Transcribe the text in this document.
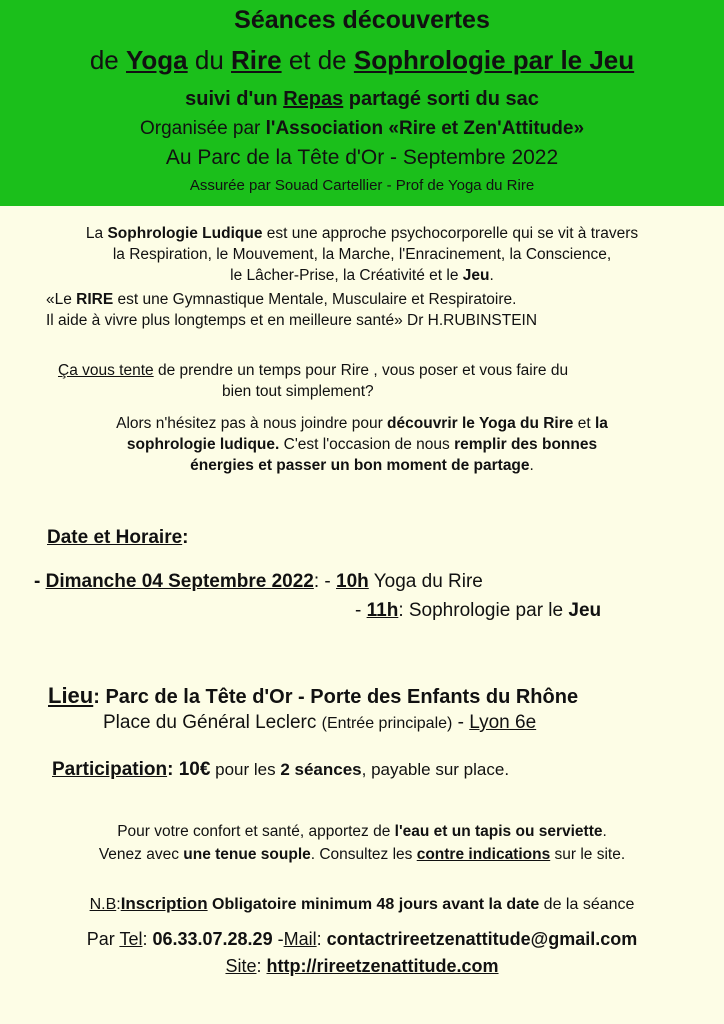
Séances découvertes
de Yoga du Rire et de Sophrologie par le Jeu
suivi d'un Repas partagé sorti du sac
Organisée par l'Association «Rire et Zen'Attitude»
Au Parc de la Tête d'Or - Septembre 2022
Assurée par Souad Cartellier - Prof de Yoga du Rire
La Sophrologie Ludique est une approche psychocorporelle qui se vit à travers
la Respiration, le Mouvement, la Marche, l'Enracinement, la Conscience,
le Lâcher-Prise, la Créativité et le Jeu.
«Le RIRE est une Gymnastique Mentale, Musculaire et Respiratoire.
Il aide à vivre plus longtemps et en meilleure santé» Dr H.RUBINSTEIN
Ça vous tente de prendre un temps pour Rire , vous poser et vous faire du
bien tout simplement?
Alors n'hésitez pas à nous joindre pour découvrir le Yoga du Rire et la
sophrologie ludique. C'est l'occasion de nous remplir des bonnes
énergies et passer un bon moment de partage.
Date et Horaire:
- Dimanche 04 Septembre 2022: - 10h Yoga du Rire
- 11h: Sophrologie par le Jeu
Lieu: Parc de la Tête d'Or - Porte des Enfants du Rhône
Place du Général Leclerc (Entrée principale) - Lyon 6e
Participation: 10€ pour les 2 séances, payable sur place.
Pour votre confort et santé, apportez de l'eau et un tapis ou serviette.
Venez avec une tenue souple. Consultez les contre indications sur le site.
N.B:Inscription Obligatoire minimum 48 jours avant la date de la séance
Par Tel: 06.33.07.28.29 -Mail: contactrireetzenattitude@gmail.com
Site: http://rireetzenattitude.com
